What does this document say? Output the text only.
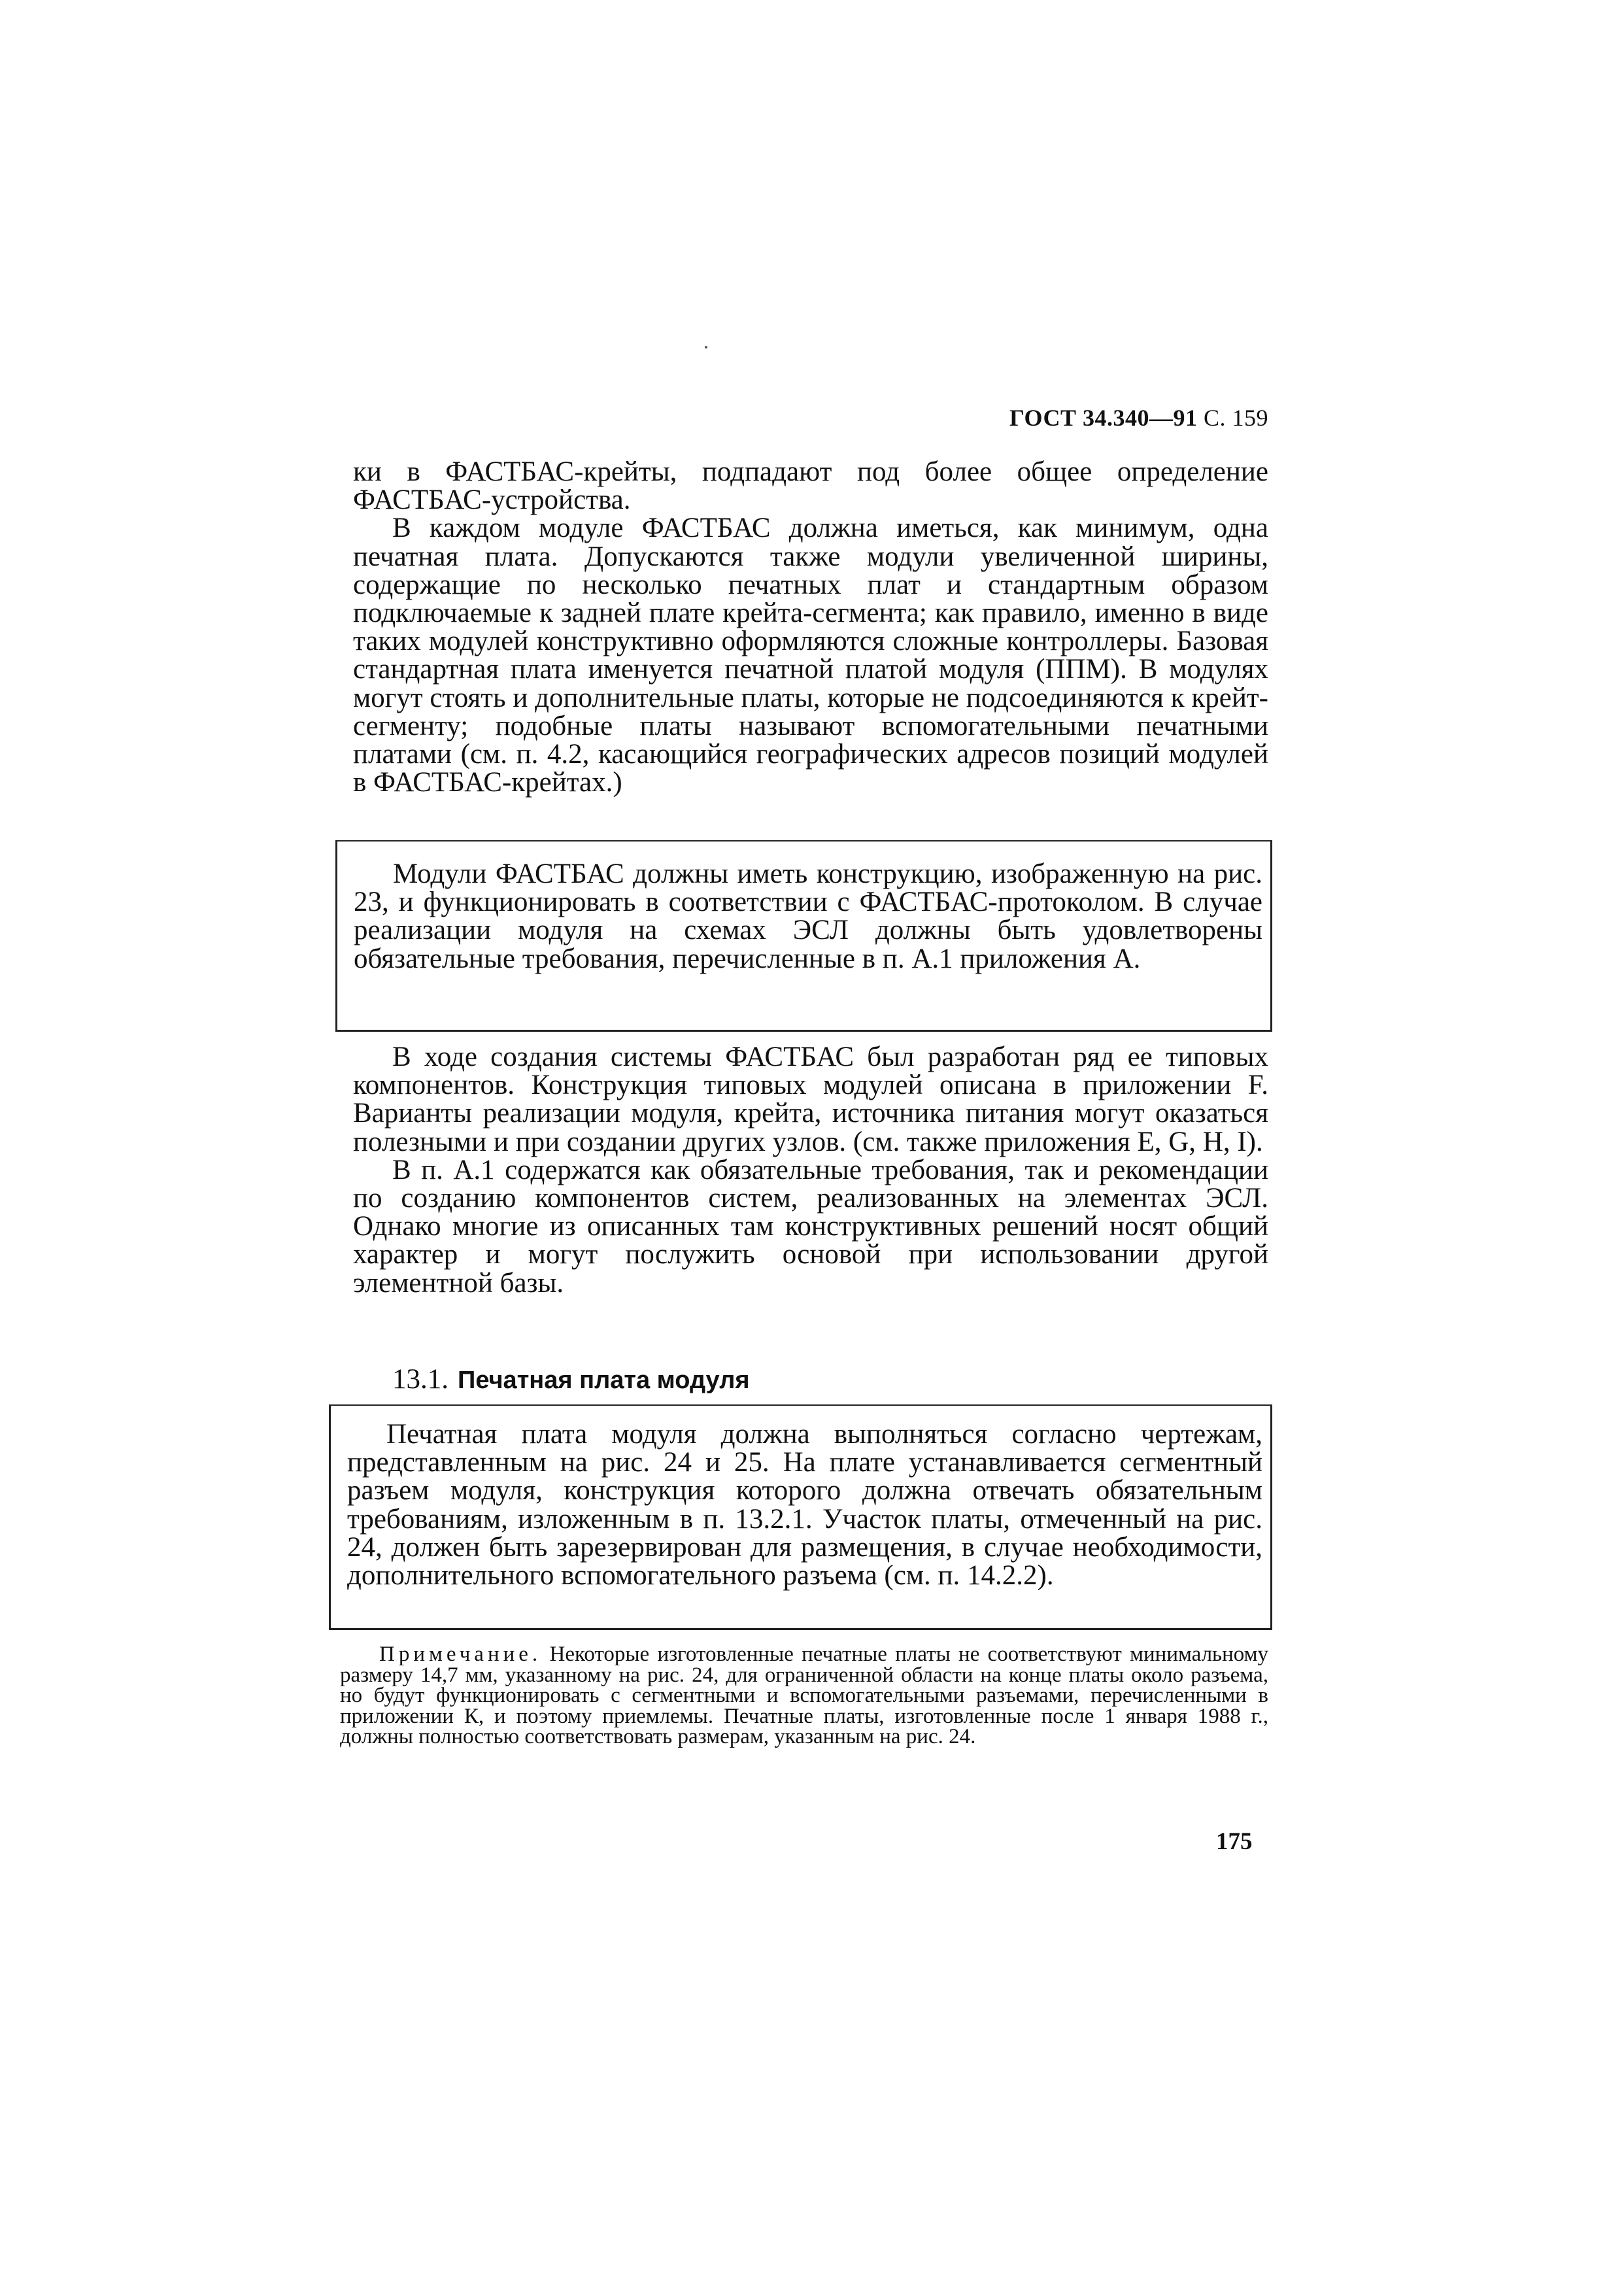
ГОСТ 34.340—91 С. 159

ки в ФАСТБАС-крейты, подпадают под более общее определение ФАСТБАС-устройства.

В каждом модуле ФАСТБАС должна иметься, как минимум, одна печатная плата. Допускаются также модули увеличенной ширины, содержащие по несколько печатных плат и стандартным образом подключаемые к задней плате крейта-сегмента; как правило, именно в виде таких модулей конструктивно оформляются сложные контроллеры. Базовая стандартная плата именуется печатной платой модуля (ППМ). В модулях могут стоять и дополнительные платы, которые не подсоединяются к крейт-сегменту; подобные платы называют вспомогательными печатными платами (см. п. 4.2, касающийся географических адресов позиций модулей в ФАСТБАС-крейтах.)

Модули ФАСТБАС должны иметь конструкцию, изображенную на рис. 23, и функционировать в соответствии с ФАСТБАС-протоколом. В случае реализации модуля на схемах ЭСЛ должны быть удовлетворены обязательные требования, перечисленные в п. А.1 приложения А.

В ходе создания системы ФАСТБАС был разработан ряд ее типовых компонентов. Конструкция типовых модулей описана в приложении F. Варианты реализации модуля, крейта, источника питания могут оказаться полезными и при создании других узлов. (см. также приложения E, G, H, I).

В п. А.1 содержатся как обязательные требования, так и рекомендации по созданию компонентов систем, реализованных на элементах ЭСЛ. Однако многие из описанных там конструктивных решений носят общий характер и могут послужить основой при использовании другой элементной базы.

13.1. Печатная плата модуля

Печатная плата модуля должна выполняться согласно чертежам, представленным на рис. 24 и 25. На плате устанавливается сегментный разъем модуля, конструкция которого должна отвечать обязательным требованиям, изложенным в п. 13.2.1. Участок платы, отмеченный на рис. 24, должен быть зарезервирован для размещения, в случае необходимости, дополнительного вспомогательного разъема (см. п. 14.2.2).

Примечание. Некоторые изготовленные печатные платы не соответствуют минимальному размеру 14,7 мм, указанному на рис. 24, для ограниченной области на конце платы около разъема, но будут функционировать с сегментными и вспомогательными разъемами, перечисленными в приложении К, и поэтому приемлемы. Печатные платы, изготовленные после 1 января 1988 г., должны полностью соответствовать размерам, указанным на рис. 24.
175
